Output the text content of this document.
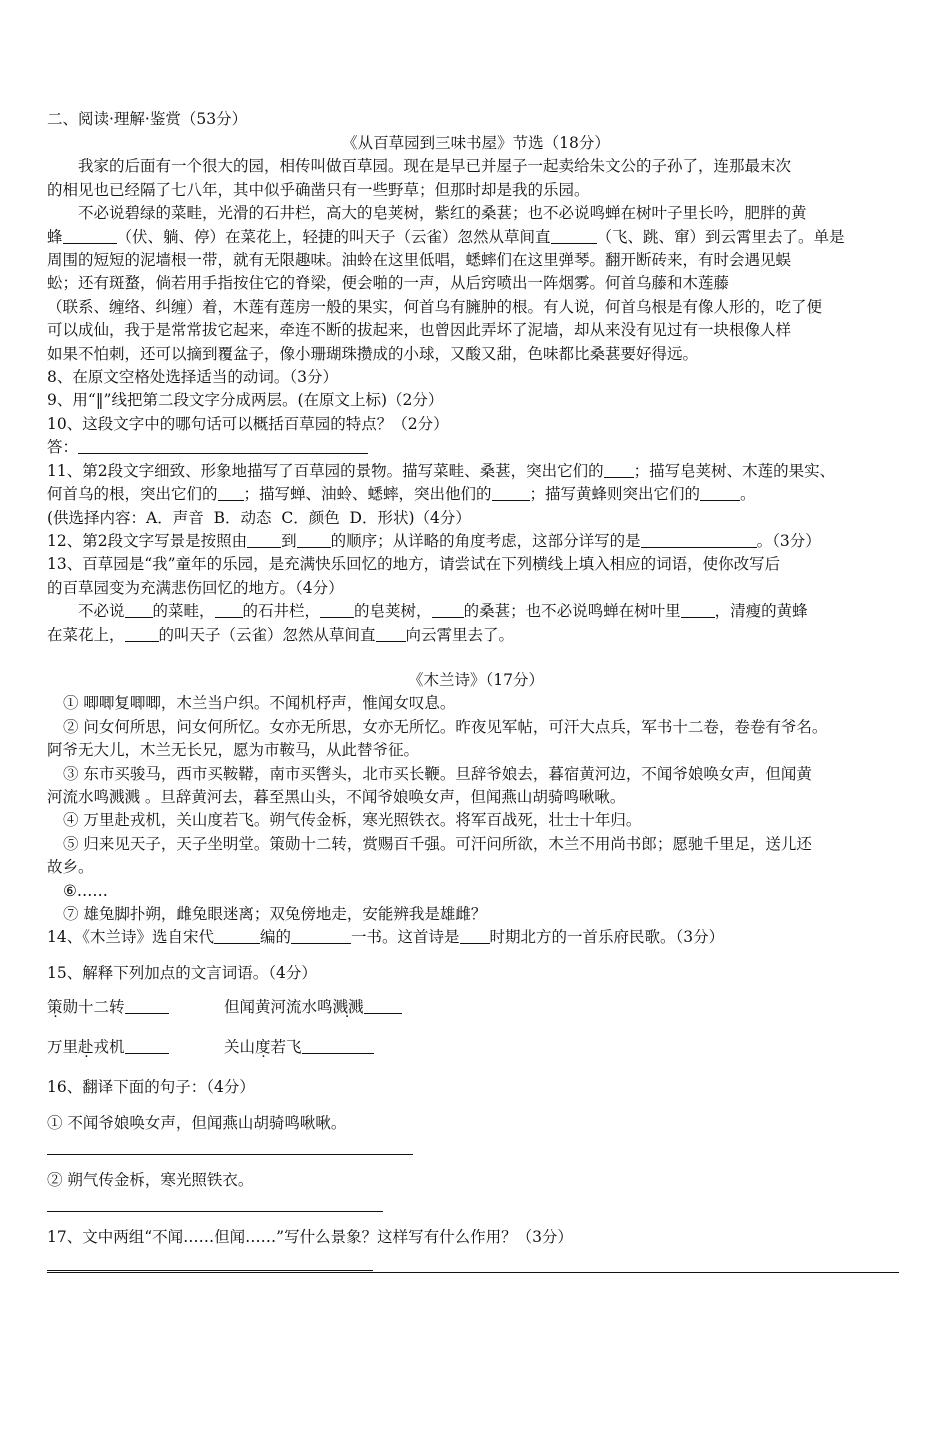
二、阅读·理解·鉴赏（53分）
《从百草园到三味书屋》节选（18分）
我家的后面有一个很大的园，相传叫做百草园。现在是早已并屋子一起卖给朱文公的子孙了，连那最末次
的相见也已经隔了七八年，其中似乎确凿只有一些野草；但那时却是我的乐园。
不必说碧绿的菜畦，光滑的石井栏，高大的皂荚树，紫红的桑葚；也不必说鸣蝉在树叶子里长吟，肥胖的黄
蜂	（伏、躺、停）在菜花上，轻捷的叫天子（云雀）忽然从草间直	（飞、跳、窜）到云霄里去了。单是
周围的短短的泥墙根一带，就有无限趣味。油蛉在这里低唱，蟋蟀们在这里弹琴。翻开断砖来，有时会遇见蜈
蚣；还有斑蝥，倘若用手指按住它的脊梁，便会啪的一声，从后窍喷出一阵烟雾。何首乌藤和木莲藤
（联系、缠络、纠缠）着，木莲有莲房一般的果实，何首乌有臃肿的根。有人说，何首乌根是有像人形的，吃了便
可以成仙，我于是常常拔它起来，牵连不断的拔起来，也曾因此弄坏了泥墙，却从来没有见过有一块根像人样
如果不怕刺，还可以摘到覆盆子，像小珊瑚珠攒成的小球，又酸又甜，色味都比桑葚要好得远。
8、在原文空格处选择适当的动词。（3分）
9、用“‖”线把第二段文字分成两层。(在原文上标)（2分）
10、这段文字中的哪句话可以概括百草园的特点？（2分）
答：
11、第2段文字细致、形象地描写了百草园的景物。描写菜畦、桑葚，突出它们的 ；描写皂荚树、木莲的果实、
何首乌的根，突出它们的 ；描写蝉、油蛉、蟋蟀，突出他们的 ；描写黄蜂则突出它们的	。
(供选择内容：A．声音  B．动态  C．颜色  D．形状)（4分）
12、第2段文字写景是按照由 到 的顺序；从详略的角度考虑，这部分详写的是	。（3分）
13、百草园是“我”童年的乐园，是充满快乐回忆的地方，请尝试在下列横线上填入相应的词语，使你改写后
的百草园变为充满悲伤回忆的地方。（4分）
不必说 的菜畦， 的石井栏， 的皂荚树， 的桑葚；也不必说鸣蝉在树叶里 ，清瘦的黄蜂
在菜花上， 的叫天子（云雀）忽然从草间直 向云霄里去了。
《木兰诗》（17分）
① 唧唧复唧唧，木兰当户织。不闻机杼声，惟闻女叹息。
② 问女何所思，问女何所忆。女亦无所思，女亦无所忆。昨夜见军帖，可汗大点兵，军书十二卷，卷卷有爷名。
阿爷无大儿，木兰无长兄，愿为市鞍马，从此替爷征。
③ 东市买骏马，西市买鞍鞯，南市买辔头，北市买长鞭。旦辞爷娘去，暮宿黄河边，不闻爷娘唤女声，但闻黄
河流水鸣溅溅 。旦辞黄河去，暮至黑山头，不闻爷娘唤女声，但闻燕山胡骑鸣啾啾。
④ 万里赴戎机，关山度若飞。朔气传金柝，寒光照铁衣。将军百战死，壮士十年归。
⑤ 归来见天子，天子坐明堂。策勋十二转，赏赐百千强。可汗问所欲，木兰不用尚书郎；愿驰千里足，送儿还
故乡。
⑥……
⑦ 雄兔脚扑朔，雌兔眼迷离；双兔傍地走，安能辨我是雄雌？
14、《木兰诗》选自宋代	编的	一书。这首诗是 时期北方的一首乐府民歌。（3分）
15、解释下列加点的文言词语。（4分）
策勋十二转	但闻黄河流水鸣溅溅
万里赴戎机	关山度若飞
16、翻译下面的句子：（4分）
① 不闻爷娘唤女声，但闻燕山胡骑鸣啾啾。
② 朔气传金柝，寒光照铁衣。
17、文中两组“不闻……但闻……”写什么景象？这样写有什么作用？（3分）
